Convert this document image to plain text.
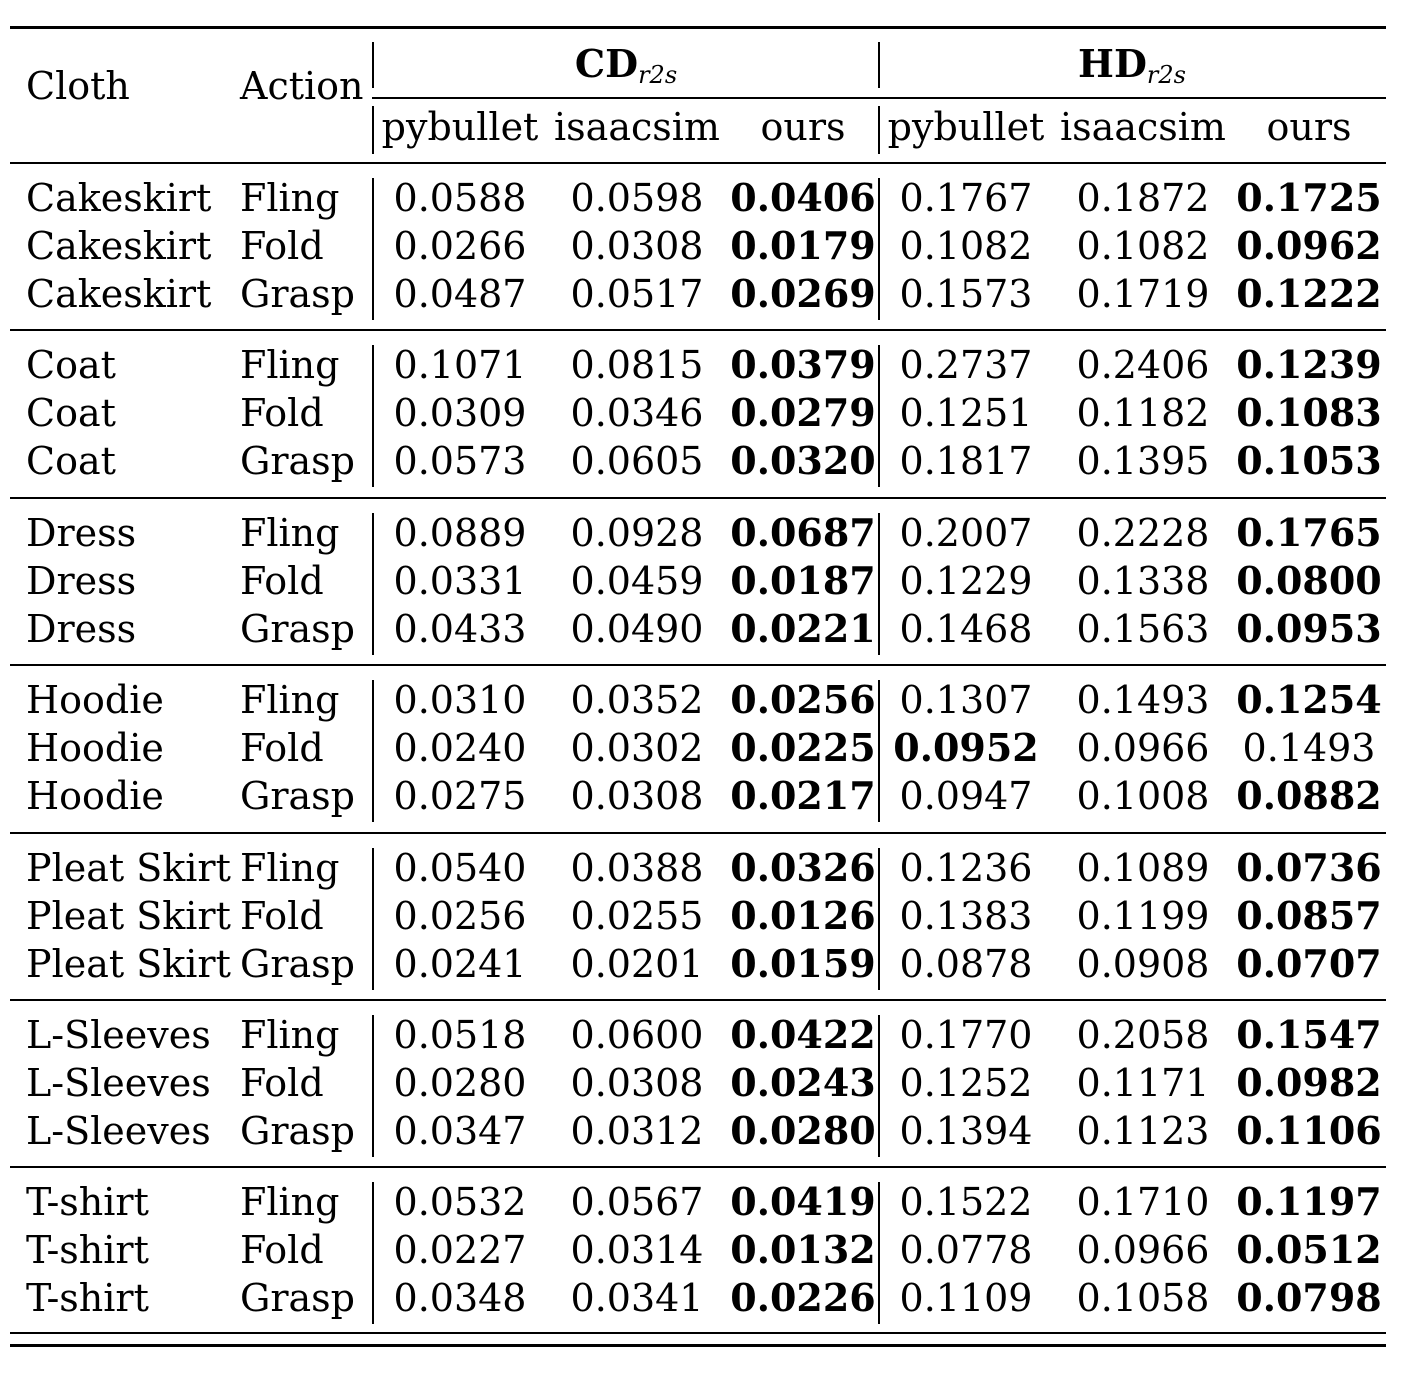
Cloth	Action	$CD_{r2s}$	$HD_{r2s}$
pybullet isaacsim ours pybullet isaacsim ours
Cakeskirt Fling 0.0588 0.0598 0.0406 0.1767 0.1872 0.1725
Cakeskirt Fold 0.0266 0.0308 0.0179 0.1082 0.1082 0.0962
Cakeskirt Grasp 0.0487 0.0517 0.0269 0.1573 0.1719 0.1222
Coat	Fling 0.1071 0.0815 0.0379 0.2737 0.2406 0.1239
Coat	Fold 0.0309 0.0346 0.0279 0.1251 0.1182 0.1083
Coat	Grasp 0.0573 0.0605 0.0320 0.1817 0.1395 0.1053
Dress	Fling 0.0889 0.0928 0.0687 0.2007 0.2228 0.1765
Dress	Fold 0.0331 0.0459 0.0187 0.1229 0.1338 0.0800
Dress	Grasp 0.0433 0.0490 0.0221 0.1468 0.1563 0.0953
Hoodie Fling 0.0310 0.0352 0.0256 0.1307 0.1493 0.1254
Hoodie Fold 0.0240 0.0302 0.0225 0.0952 0.0966 0.1493
Hoodie Grasp 0.0275 0.0308 0.0217 0.0947 0.1008 0.0882
Pleat Skirt Fling 0.0540 0.0388 0.0326 0.1236 0.1089 0.0736
Pleat Skirt Fold 0.0256 0.0255 0.0126 0.1383 0.1199 0.0857
Pleat Skirt Grasp 0.0241 0.0201 0.0159 0.0878 0.0908 0.0707
L-Sleeves Fling 0.0518 0.0600 0.0422 0.1770 0.2058 0.1547
L-Sleeves Fold 0.0280 0.0308 0.0243 0.1252 0.1171 0.0982
L-Sleeves Grasp 0.0347 0.0312 0.0280 0.1394 0.1123 0.1106
T-shirt Fling 0.0532 0.0567 0.0419 0.1522 0.1710 0.1197
T-shirt Fold 0.0227 0.0314 0.0132 0.0778 0.0966 0.0512
T-shirt Grasp 0.0348 0.0341 0.0226 0.1109 0.1058 0.0798
